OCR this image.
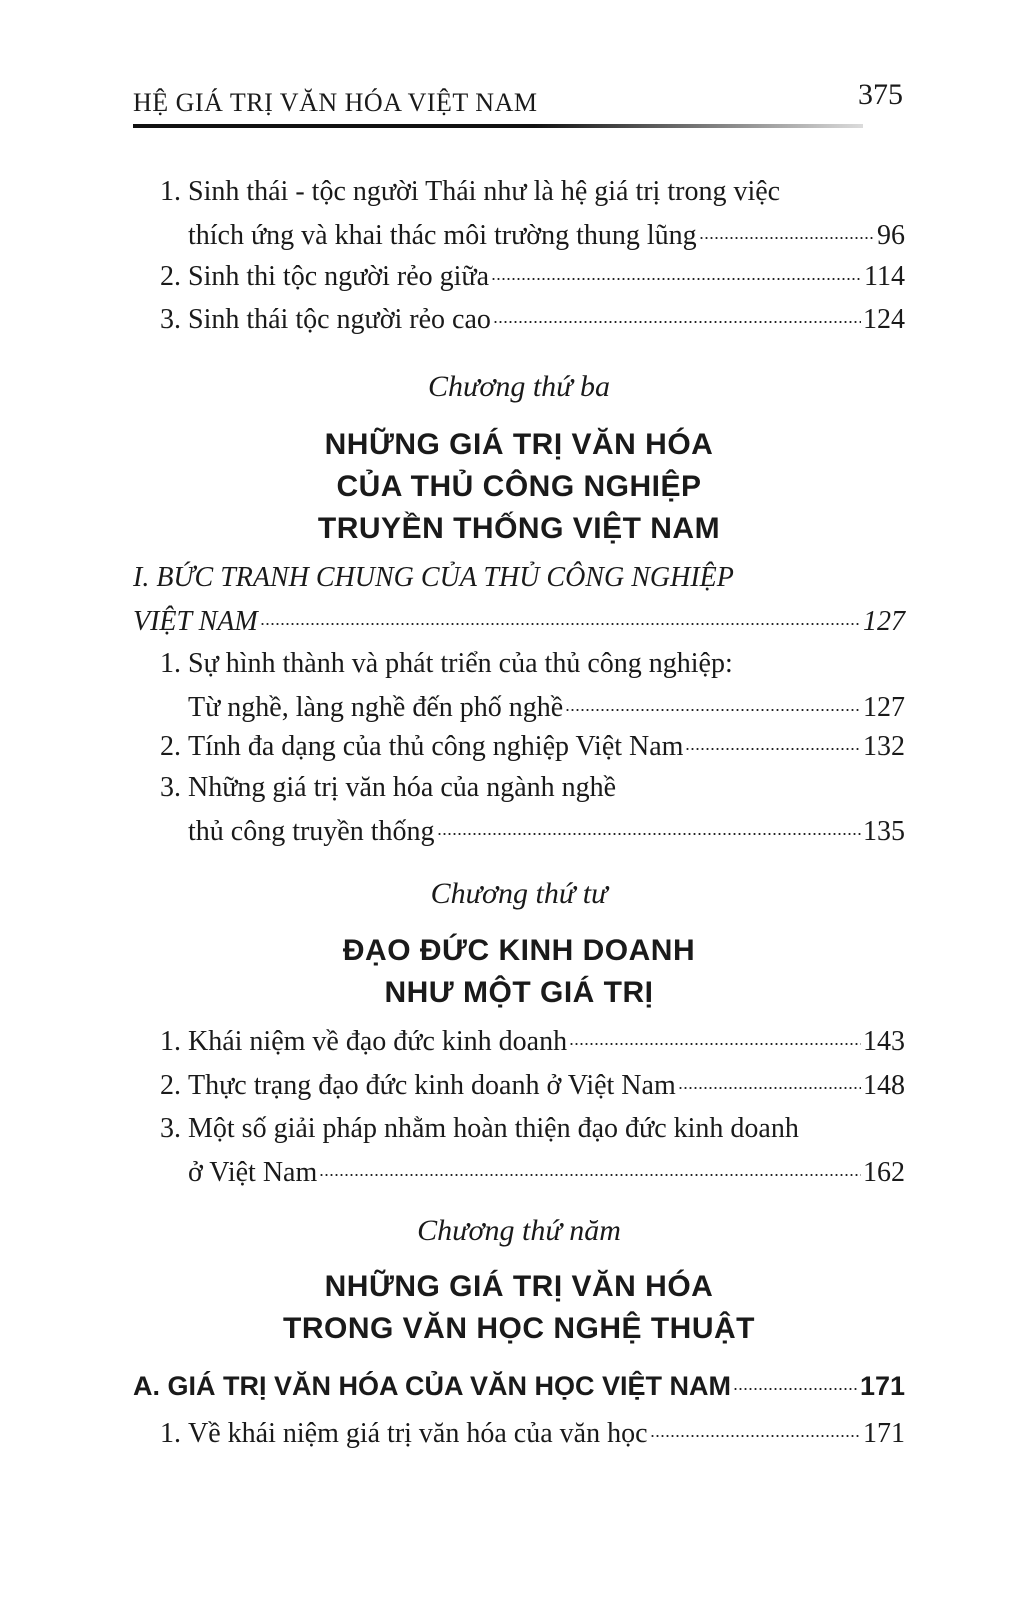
HỆ GIÁ TRỊ VĂN HÓA VIỆT NAM	375
1. Sinh thái - tộc người Thái như là hệ giá trị trong việc
thích ứng và khai thác môi trường thung lũng	96
2. Sinh thi tộc người rẻo giữa	114
3. Sinh thái tộc người rẻo cao	124
Chương thứ ba
NHỮNG GIÁ TRỊ VĂN HÓA
CỦA THỦ CÔNG NGHIỆP
TRUYỀN THỐNG VIỆT NAM
I. BỨC TRANH CHUNG CỦA THỦ CÔNG NGHIỆP
VIỆT NAM	127
1. Sự hình thành và phát triển của thủ công nghiệp:
Từ nghề, làng nghề đến phố nghề	127
2. Tính đa dạng của thủ công nghiệp Việt Nam	132
3. Những giá trị văn hóa của ngành nghề
thủ công truyền thống	135
Chương thứ tư
ĐẠO ĐỨC KINH DOANH
NHƯ MỘT GIÁ TRỊ
1. Khái niệm về đạo đức kinh doanh	143
2. Thực trạng đạo đức kinh doanh ở Việt Nam	148
3. Một số giải pháp nhằm hoàn thiện đạo đức kinh doanh
ở Việt Nam	162
Chương thứ năm
NHỮNG GIÁ TRỊ VĂN HÓA
TRONG VĂN HỌC NGHỆ THUẬT
A. GIÁ TRỊ VĂN HÓA CỦA VĂN HỌC VIỆT NAM	171
1. Về khái niệm giá trị văn hóa của văn học	171
